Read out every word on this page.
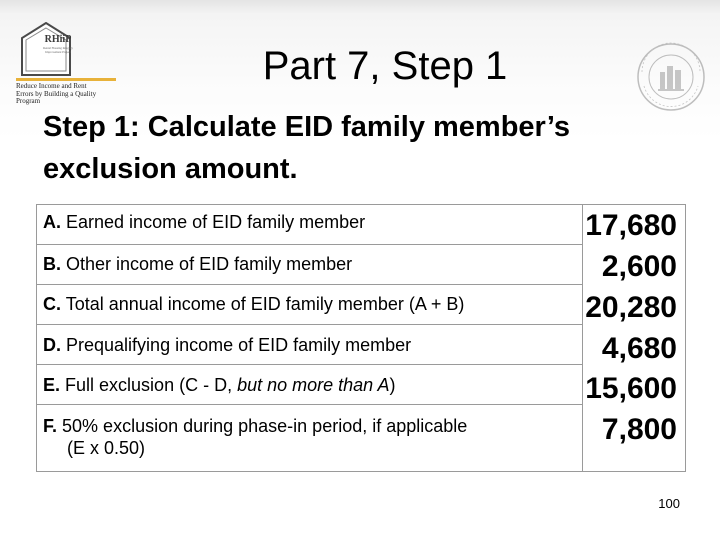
RHiiP
Rental Housing Integrity Improvement Project
Reduce Income and Rent
Errors by Building a Quality
Program
Part 7, Step 1
Step 1: Calculate EID family member’s
exclusion amount.
A. Earned income of EID family member
B. Other income of EID family member
C. Total annual income of EID family member (A + B)
D. Prequalifying income of EID family member
E. Full exclusion (C - D, but no more than A)
F. 50% exclusion during phase-in period, if applicable
(E x 0.50)
17,680
2,600
20,280
4,680
15,600
7,800
100
